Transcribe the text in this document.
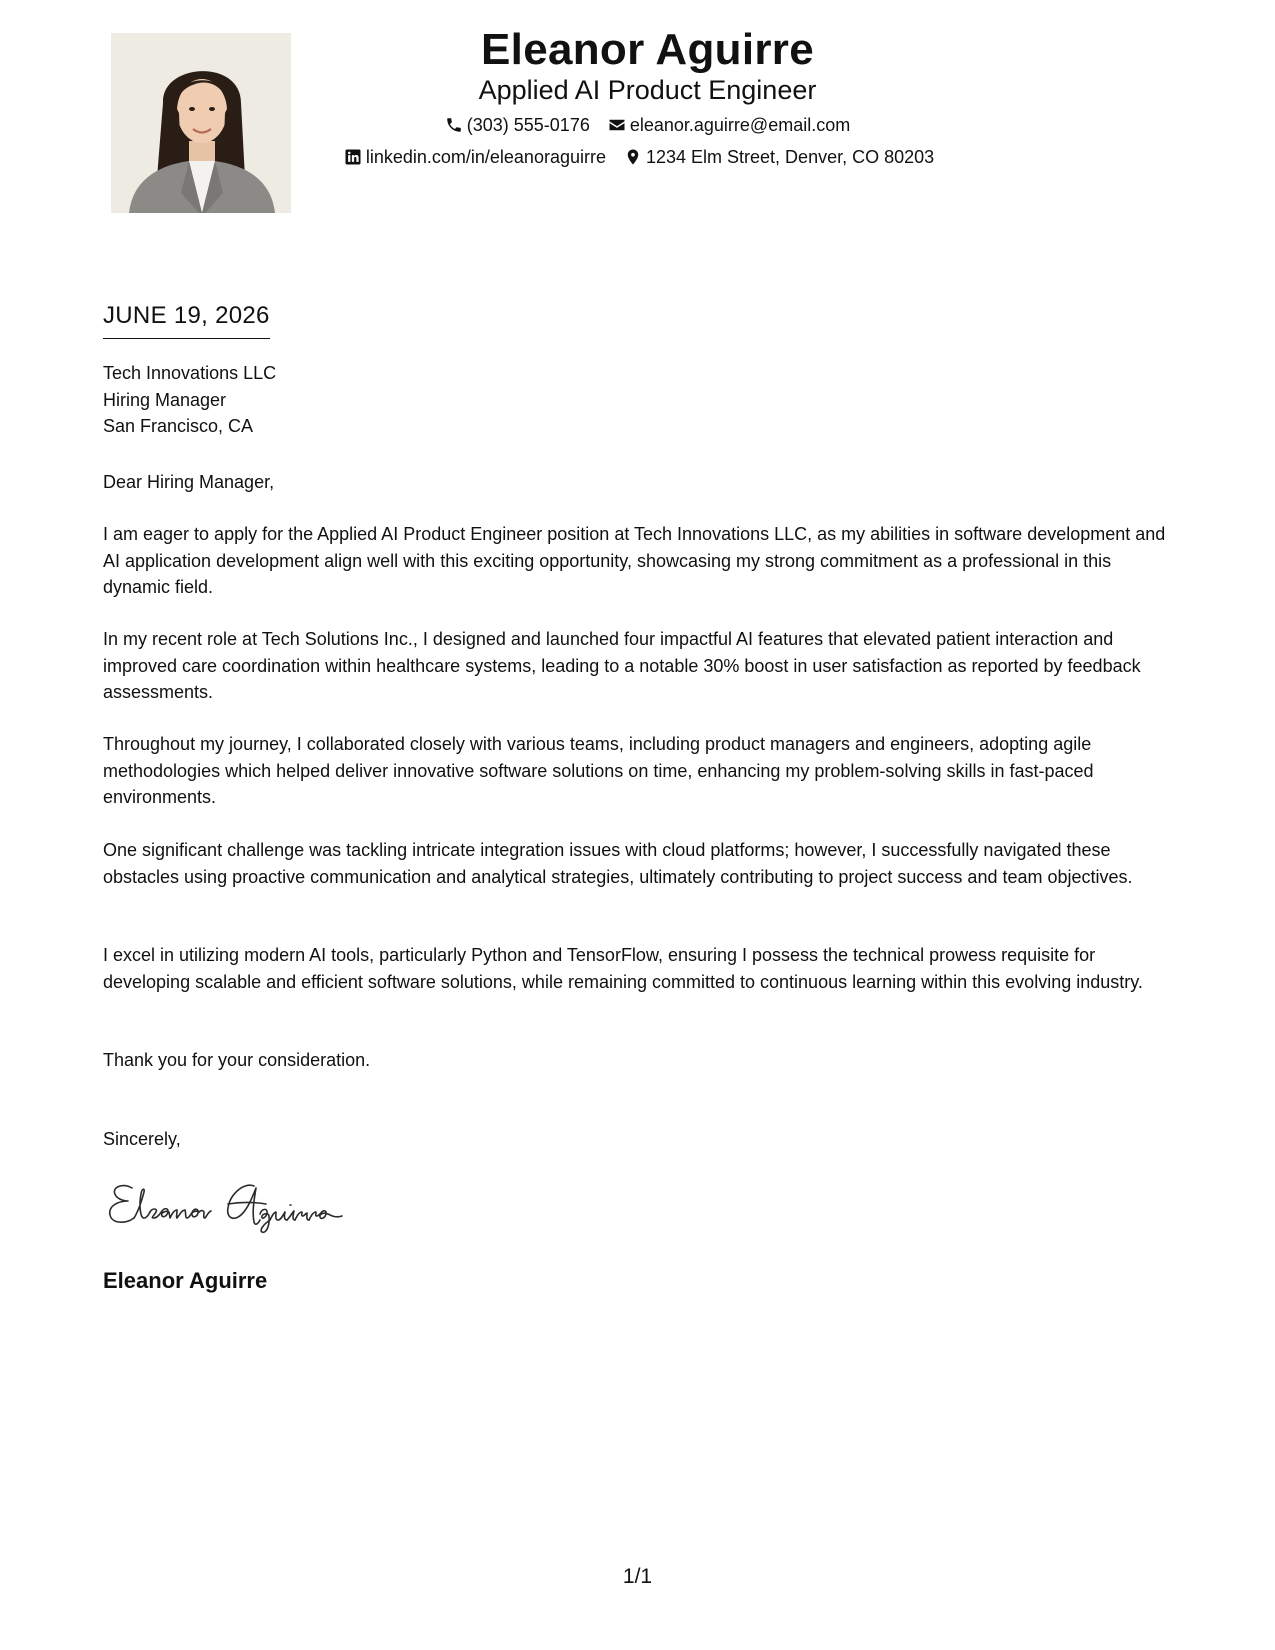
Eleanor Aguirre
Applied AI Product Engineer
(303) 555-0176 eleanor.aguirre@email.com
linkedin.com/in/eleanoraguirre 1234 Elm Street, Denver, CO 80203
JUNE 19, 2026
Tech Innovations LLC
Hiring Manager
San Francisco, CA
Dear Hiring Manager,

I am eager to apply for the Applied AI Product Engineer position at Tech Innovations LLC, as my abilities in software development and AI application development align well with this exciting opportunity, showcasing my strong commitment as a professional in this dynamic field.

In my recent role at Tech Solutions Inc., I designed and launched four impactful AI features that elevated patient interaction and improved care coordination within healthcare systems, leading to a notable 30% boost in user satisfaction as reported by feedback assessments.

Throughout my journey, I collaborated closely with various teams, including product managers and engineers, adopting agile methodologies which helped deliver innovative software solutions on time, enhancing my problem-solving skills in fast-paced environments.

One significant challenge was tackling intricate integration issues with cloud platforms; however, I successfully navigated these obstacles using proactive communication and analytical strategies, ultimately contributing to project success and team objectives.

I excel in utilizing modern AI tools, particularly Python and TensorFlow, ensuring I possess the technical prowess requisite for developing scalable and efficient software solutions, while remaining committed to continuous learning within this evolving industry.

Thank you for your consideration.
Sincerely,
Eleanor Aguirre
1/1
